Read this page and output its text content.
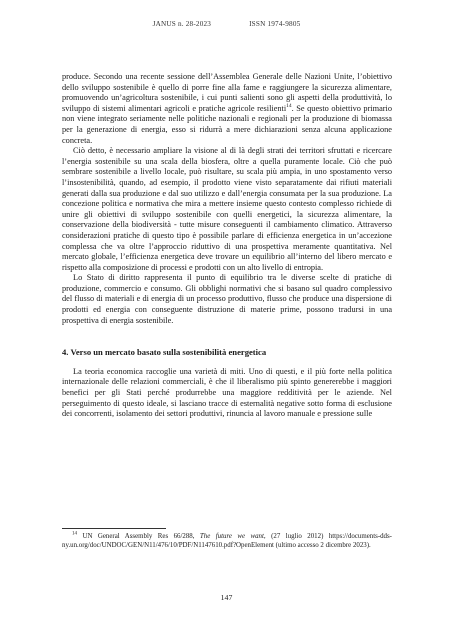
JANUS n. 28-2023	ISSN 1974-9805

produce. Secondo una recente sessione dell’Assemblea Generale delle Nazioni Unite, l’obiettivo dello sviluppo sostenibile è quello di porre fine alla fame e raggiungere la sicurezza alimentare, promuovendo un’agricoltura sostenibile, i cui punti salienti sono gli aspetti della produttività, lo sviluppo di sistemi alimentari agricoli e pratiche agricole resilienti$^{14}$. Se questo obiettivo primario non viene integrato seriamente nelle politiche nazionali e regionali per la produzione di biomassa per la generazione di energia, esso si ridurrà a mere dichiarazioni senza alcuna applicazione concreta.

Ciò detto, è necessario ampliare la visione al di là degli strati dei territori sfruttati e ricercare l’energia sostenibile su una scala della biosfera, oltre a quella puramente locale. Ciò che può sembrare sostenibile a livello locale, può risultare, su scala più ampia, in uno spostamento verso l’insostenibilità, quando, ad esempio, il prodotto viene visto separatamente dai rifiuti materiali generati dalla sua produzione e dal suo utilizzo e dall’energia consumata per la sua produzione. La concezione politica e normativa che mira a mettere insieme questo contesto complesso richiede di unire gli obiettivi di sviluppo sostenibile con quelli energetici, la sicurezza alimentare, la conservazione della biodiversità - tutte misure conseguenti il cambiamento climatico. Attraverso considerazioni pratiche di questo tipo è possibile parlare di efficienza energetica in un’accezione complessa che va oltre l’approccio riduttivo di una prospettiva meramente quantitativa. Nel mercato globale, l’efficienza energetica deve trovare un equilibrio all’interno del libero mercato e rispetto alla composizione di processi e prodotti con un alto livello di entropia.

Lo Stato di diritto rappresenta il punto di equilibrio tra le diverse scelte di pratiche di produzione, commercio e consumo. Gli obblighi normativi che si basano sul quadro complessivo del flusso di materiali e di energia di un processo produttivo, flusso che produce una dispersione di prodotti ed energia con conseguente distruzione di materie prime, possono tradursi in una prospettiva di energia sostenibile.

4. Verso un mercato basato sulla sostenibilità energetica

La teoria economica raccoglie una varietà di miti. Uno di questi, e il più forte nella politica internazionale delle relazioni commerciali, è che il liberalismo più spinto genererebbe i maggiori benefici per gli Stati perché produrrebbe una maggiore redditività per le aziende. Nel perseguimento di questo ideale, si lasciano tracce di esternalità negative sotto forma di esclusione dei concorrenti, isolamento dei settori produttivi, rinuncia al lavoro manuale e pressione sulle

$^{14}$ UN General Assembly Res 66/288, The future we want, (27 luglio 2012) https://documents-dds-ny.un.org/doc/UNDOC/GEN/N11/476/10/PDF/N1147610.pdf?OpenElement (ultimo accesso 2 dicembre 2023).
147
